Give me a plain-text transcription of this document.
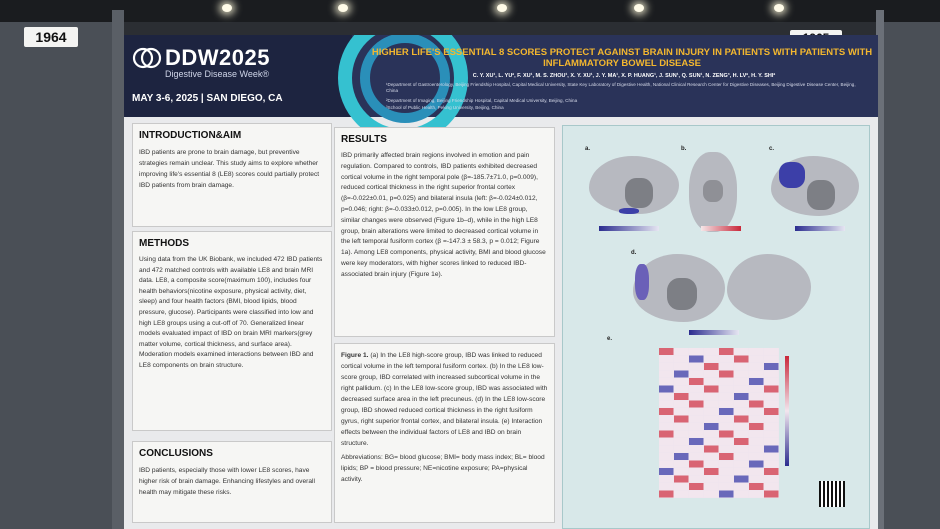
1964
DDW2025
Digestive Disease Week®
MAY 3-6, 2025 | SAN DIEGO, CA
HIGHER LIFE'S ESSENTIAL 8 SCORES PROTECT AGAINST BRAIN INJURY IN PATIENTS WITH PATIENTS WITH INFLAMMATORY BOWEL DISEASE
C. Y. XU¹, L. YU², F. XU¹, M. S. ZHOU¹, X. Y. XU¹, J. Y. MA¹, X. P. HUANG¹, J. SUN¹, Q. SUN¹, N. ZENG³, H. LV², H. Y. SHI²
¹Department of Gastroenterology, Beijing Friendship Hospital, Capital Medical University, State Key Laboratory of Digestive Health, National Clinical Research Center for Digestive Diseases, Beijing Digestive Disease Center, Beijing, China
²Department of Imaging, Beijing Friendship Hospital, Capital Medical University, Beijing, China
³School of Public Health, Peking University, Beijing, China
INTRODUCTION&AIM

IBD patients are prone to brain damage, but preventive strategies remain unclear. This study aims to explore whether improving life's essential 8 (LE8) scores could partially protect IBD patients from brain damage.

METHODS

Using data from the UK Biobank, we included 472 IBD patients and 472 matched controls with available LE8 and brain MRI data. LE8, a composite score(maximum 100), includes four health behaviors(nicotine exposure, physical activity, diet, sleep) and four health factors (BMI, blood lipids, blood pressure, glucose). Participants were classified into low and high LE8 groups using a cut-off of 70. Generalized linear models evaluated impact of IBD on brain MRI markers(grey matter volume, cortical thickness, and surface area). Moderation models examined interactions between IBD and LE8 components on brain structure.

CONCLUSIONS

IBD patients, especially those with lower LE8 scores, have higher risk of brain damage. Enhancing lifestyles and overall health may mitigate these risks.

RESULTS

IBD primarily affected brain regions involved in emotion and pain regulation. Compared to controls, IBD patients exhibited decreased cortical volume in the right temporal pole (β=-185.7±71.0, p=0.009), reduced cortical thickness in the right superior frontal cortex (β=-0.022±0.01, p=0.025) and bilateral insula (left: β=-0.024±0.012, p=0.046; right: β=-0.033±0.012, p=0.005). In the low LE8 group, similar changes were observed (Figure 1b–d), while in the high LE8 group, brain alterations were limited to decreased cortical volume in the left temporal fusiform cortex (β =-147.3 ± 58.3, p = 0.012; Figure 1a). Among LE8 components, physical activity, BMI and blood glucose were key moderators, with higher scores linked to reduced IBD-associated brain injury (Figure 1e).

Figure 1. (a) In the LE8 high-score group, IBD was linked to reduced cortical volume in the left temporal fusiform cortex. (b) In the LE8 low-score group, IBD correlated with increased subcortical volume in the right pallidum. (c) In the LE8 low-score group, IBD was associated with decreased surface area in the left precuneus. (d) In the LE8 low-score group, IBD showed reduced cortical thickness in the right fusiform gyrus, right superior frontal cortex, and bilateral insula. (e) Interaction effects between the individual factors of LE8 and IBD on brain structure.

Abbreviations: BG= blood glucose; BMI= body mass index; BL= blood lipids; BP = blood pressure; NE=nicotine exposure; PA=physical activity.

a.	b.	c.
d.
e.
